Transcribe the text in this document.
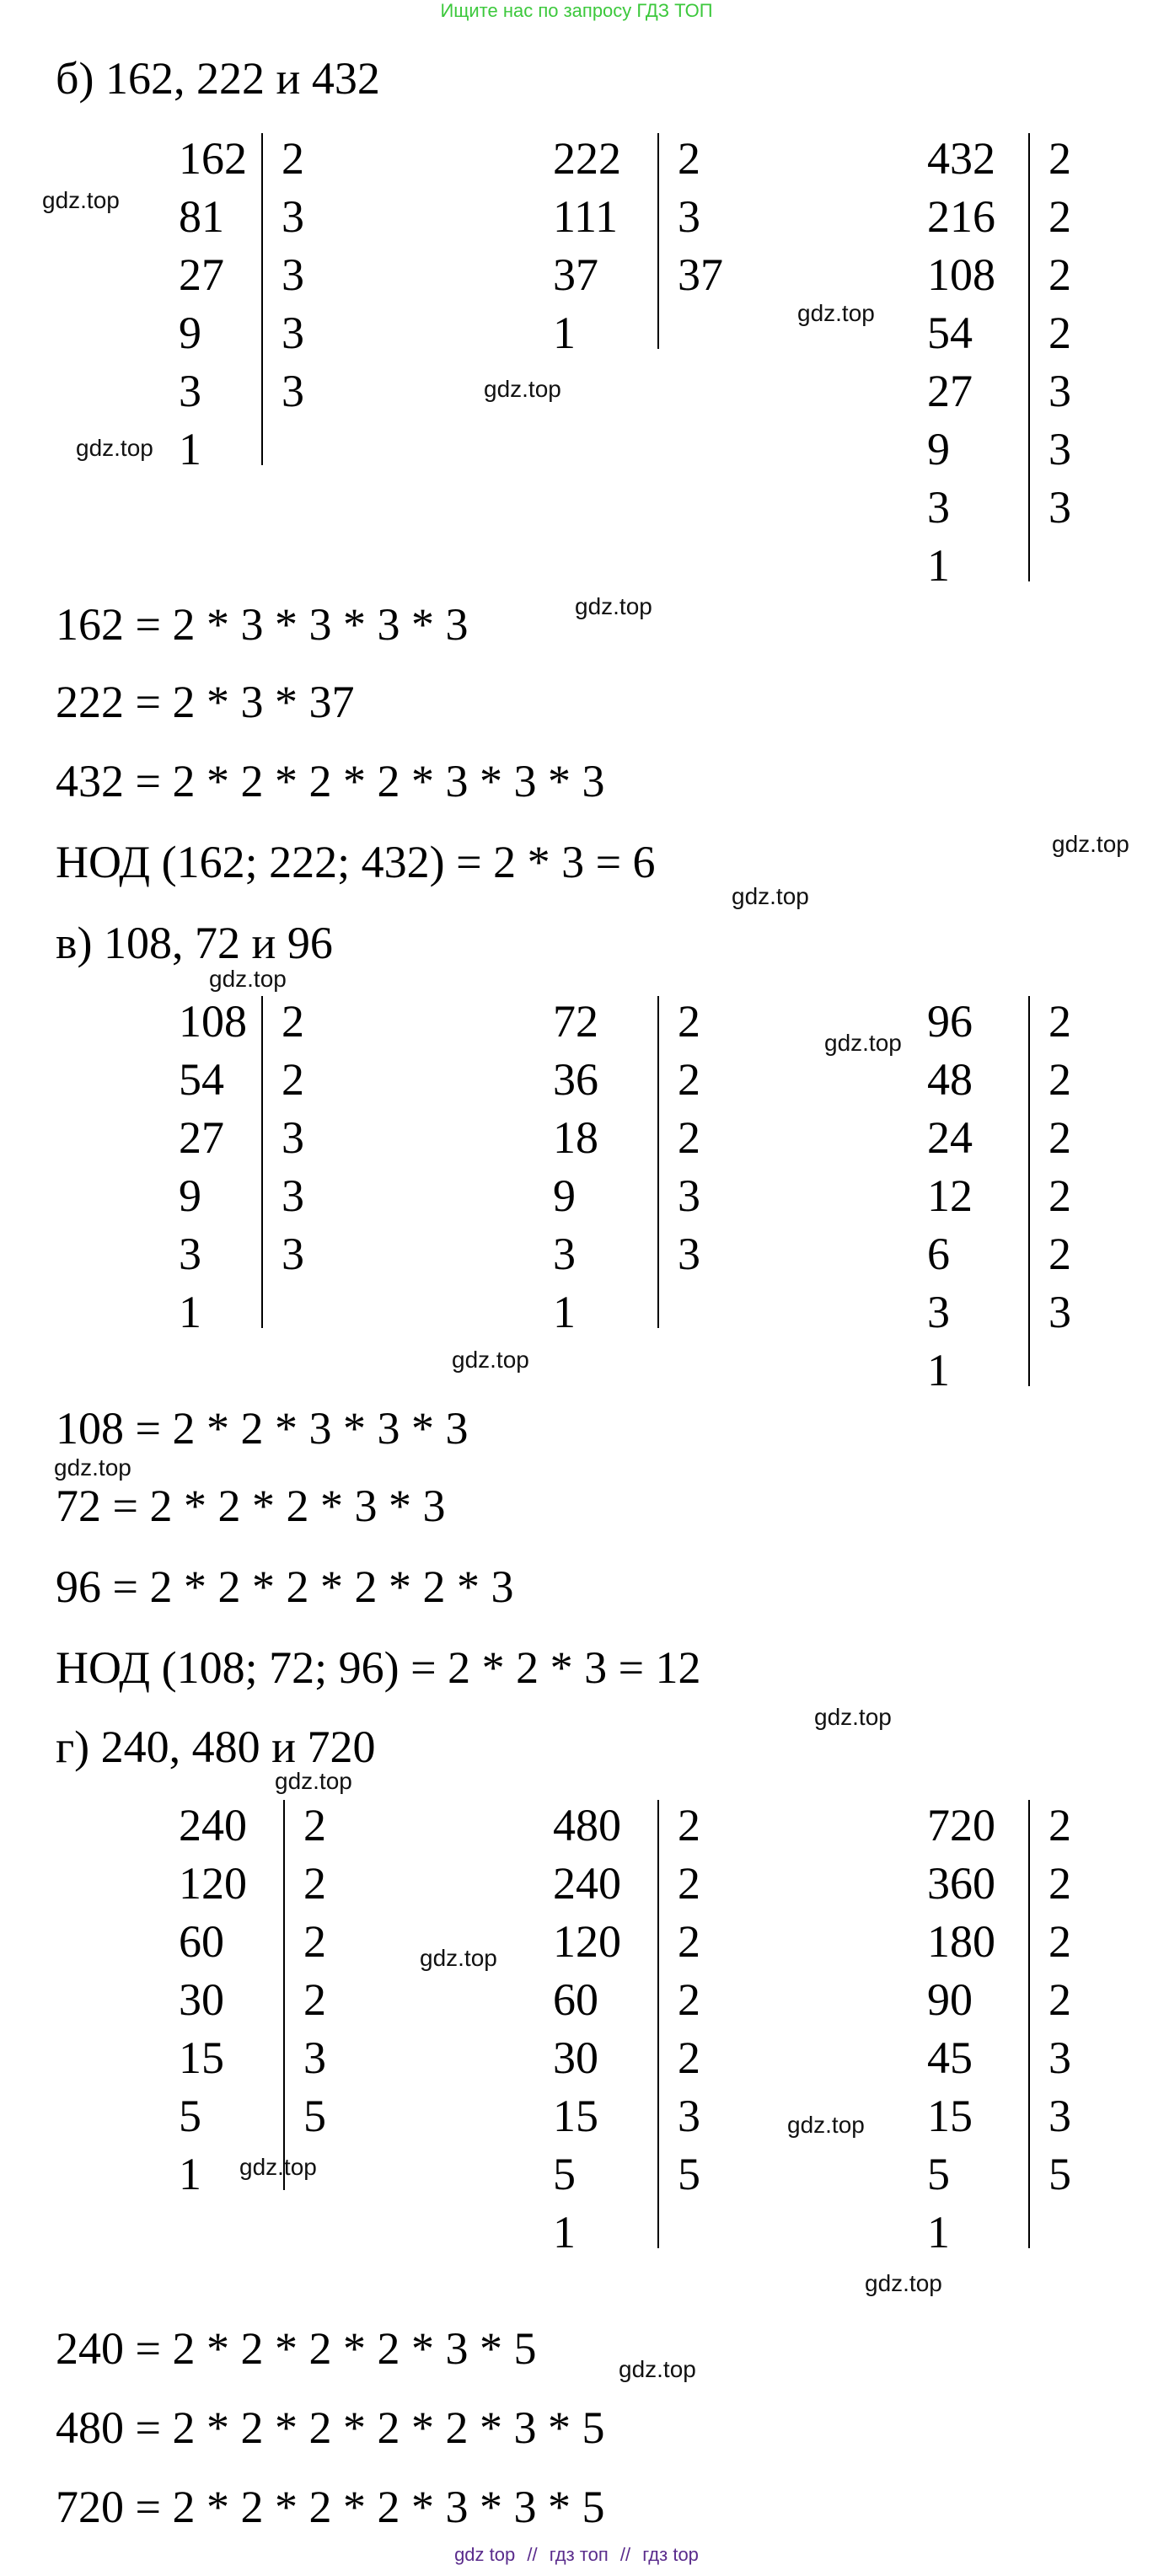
Ищите нас по запросу ГДЗ ТОП
б) 162, 222 и 432
162
81
27
9
3
1
2
3
3
3
3
222
111
37
1
2
3
37
432
216
108
54
27
9
3
1
2
2
2
2
3
3
3
162 = 2 * 3 * 3 * 3 * 3
222 = 2 * 3 * 37
432 = 2 * 2 * 2 * 2 * 3 * 3 * 3
НОД (162; 222; 432) = 2 * 3 = 6
в) 108, 72 и 96
108
54
27
9
3
1
2
2
3
3
3
72
36
18
9
3
1
2
2
2
3
3
96
48
24
12
6
3
1
2
2
2
2
2
3
108 = 2 * 2 * 3 * 3 * 3
72 = 2 * 2 * 2 * 3 * 3
96 = 2 * 2 * 2 * 2 * 2 * 3
НОД (108; 72; 96) = 2 * 2 * 3 = 12
г) 240, 480 и 720
240
120
60
30
15
5
1
2
2
2
2
3
5
480
240
120
60
30
15
5
1
2
2
2
2
2
3
5
720
360
180
90
45
15
5
1
2
2
2
2
3
3
5
240 = 2 * 2 * 2 * 2 * 3 * 5
480 = 2 * 2 * 2 * 2 * 2 * 3 * 5
720 = 2 * 2 * 2 * 2 * 3 * 3 * 5
gdz.top
gdz.top
gdz.top
gdz.top
gdz.top
gdz.top
gdz.top
gdz.top
gdz.top
gdz.top
gdz.top
gdz.top
gdz.top
gdz.top
gdz.top
gdz.top
gdz.top
gdz.top
gdz top // гдз топ // гдз top
